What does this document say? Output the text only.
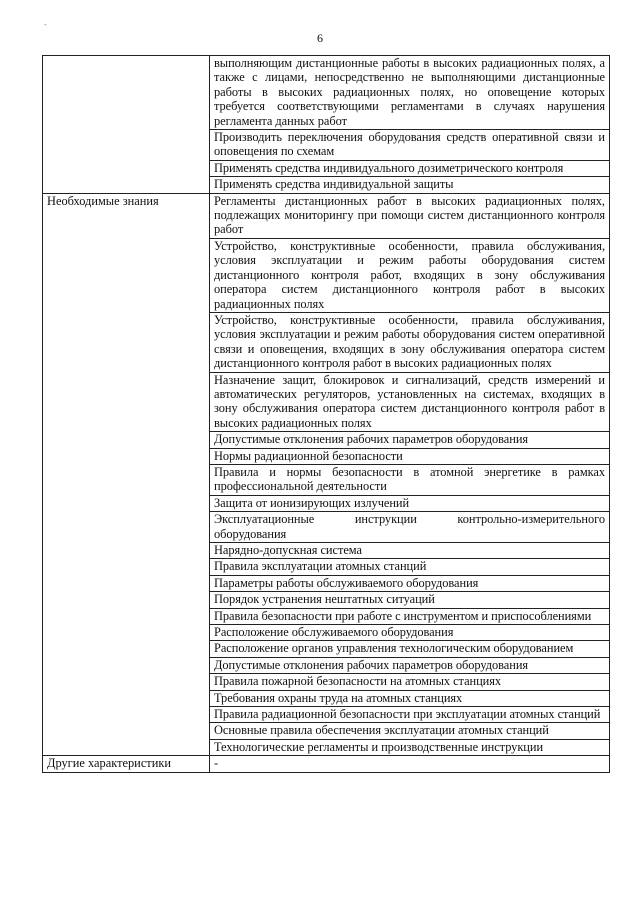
-
6
	выполняющим дистанционные работы в высоких радиационных полях, а также с лицами, непосредственно не выполняющими дистанционные работы в высоких радиационных полях, но оповещение которых требуется соответствующими регламентами в случаях нарушения регламента данных работ
	Производить переключения оборудования средств оперативной связи и оповещения по схемам
	Применять средства индивидуального дозиметрического контроля
	Применять средства индивидуальной защиты
Необходимые знания	Регламенты дистанционных работ в высоких радиационных полях, подлежащих мониторингу при помощи систем дистанционного контроля работ
	Устройство, конструктивные особенности, правила обслуживания, условия эксплуатации и режим работы оборудования систем дистанционного контроля работ, входящих в зону обслуживания оператора систем дистанционного контроля работ в высоких радиационных полях
	Устройство, конструктивные особенности, правила обслуживания, условия эксплуатации и режим работы оборудования систем оперативной связи и оповещения, входящих в зону обслуживания оператора систем дистанционного контроля работ в высоких радиационных полях
	Назначение защит, блокировок и сигнализаций, средств измерений и автоматических регуляторов, установленных на системах, входящих в зону обслуживания оператора систем дистанционного контроля работ в высоких радиационных полях
	Допустимые отклонения рабочих параметров оборудования
	Нормы радиационной безопасности
	Правила и нормы безопасности в атомной энергетике в рамках профессиональной деятельности
	Защита от ионизирующих излучений
	Эксплуатационные инструкции контрольно-измерительного оборудования
	Нарядно-допускная система
	Правила эксплуатации атомных станций
	Параметры работы обслуживаемого оборудования
	Порядок устранения нештатных ситуаций
	Правила безопасности при работе с инструментом и приспособлениями
	Расположение обслуживаемого оборудования
	Расположение органов управления технологическим оборудованием
	Допустимые отклонения рабочих параметров оборудования
	Правила пожарной безопасности на атомных станциях
	Требования охраны труда на атомных станциях
	Правила радиационной безопасности при эксплуатации атомных станций
	Основные правила обеспечения эксплуатации атомных станций
	Технологические регламенты и производственные инструкции
Другие характеристики	-
